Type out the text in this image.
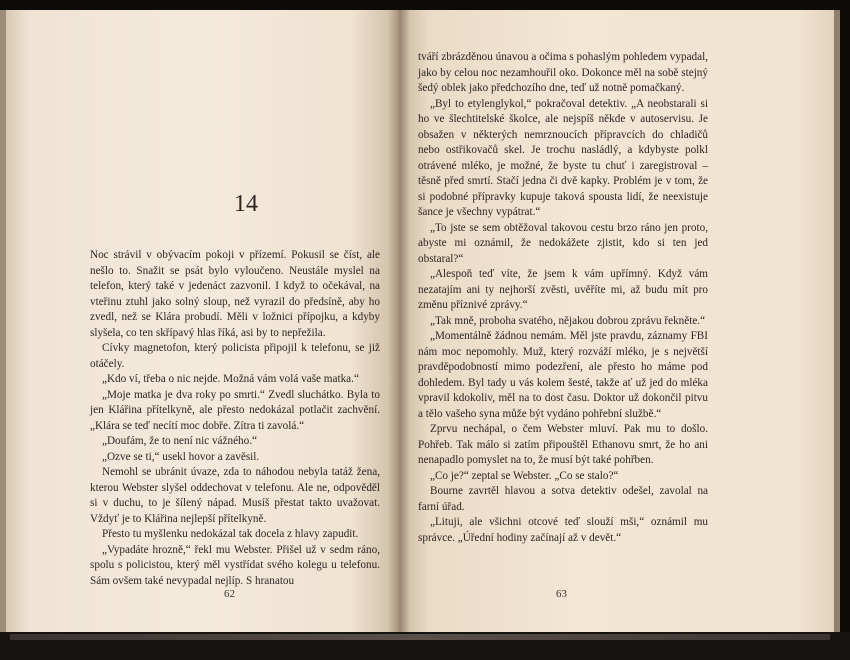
14

Noc strávil v obývacím pokoji v přízemí. Pokusil se číst, ale nešlo to. Snažit se psát bylo vyloučeno. Neustále myslel na telefon, který také v jedenáct zazvonil. I když to očekával, na vteřinu ztuhl jako solný sloup, než vyrazil do předsíně, aby ho zvedl, než se Klára probudí. Měli v ložnici přípojku, a kdyby slyšela, co ten skřípavý hlas říká, asi by to nepřežila.

Cívky magnetofon, který policista připojil k telefonu, se již otáčely.

„Kdo ví, třeba o nic nejde. Možná vám volá vaše matka.“

„Moje matka je dva roky po smrti.“ Zvedl sluchátko. Byla to jen Klářina přítelkyně, ale přesto nedokázal potlačit zachvění. „Klára se teď necítí moc dobře. Zítra ti zavolá.“

„Doufám, že to není nic vážného.“

„Ozve se ti,“ usekl hovor a zavěsil.

Nemohl se ubránit úvaze, zda to náhodou nebyla tatáž žena, kterou Webster slyšel oddechovat v telefonu. Ale ne, odpověděl si v duchu, to je šílený nápad. Musíš přestat takto uvažovat. Vždyť je to Klářina nejlepší přítelkyně.

Přesto tu myšlenku nedokázal tak docela z hlavy zapudit.

„Vypadáte hrozně,“ řekl mu Webster. Přišel už v sedm ráno, spolu s policistou, který měl vystřídat svého kolegu u telefonu. Sám ovšem také nevypadal nejlíp. S hranatou

62

tváří zbrázděnou únavou a očima s pohaslým pohledem vypadal, jako by celou noc nezamhouřil oko. Dokonce měl na sobě stejný šedý oblek jako předchozího dne, teď už notně pomačkaný.

„Byl to etylenglykol,“ pokračoval detektiv. „A neobstarali si ho ve šlechtitelské školce, ale nejspíš někde v autoservisu. Je obsažen v některých nemrznoucích přípravcích do chladičů nebo ostřikovačů skel. Je trochu nasládlý, a kdybyste polkl otrávené mléko, je možné, že byste tu chuť i zaregistroval – těsně před smrtí. Stačí jedna či dvě kapky. Problém je v tom, že si podobné přípravky kupuje taková spousta lidí, že neexistuje šance je všechny vypátrat.“

„To jste se sem obtěžoval takovou cestu brzo ráno jen proto, abyste mi oznámil, že nedokážete zjistit, kdo si ten jed obstaral?“

„Alespoň teď víte, že jsem k vám upřímný. Když vám nezatajím ani ty nejhorší zvěsti, uvěříte mi, až budu mít pro změnu příznivé zprávy.“

„Tak mně, proboha svatého, nějakou dobrou zprávu řekněte.“

„Momentálně žádnou nemám. Měl jste pravdu, záznamy FBI nám moc nepomohly. Muž, který rozváží mléko, je s největší pravděpodobností mimo podezření, ale přesto ho máme pod dohledem. Byl tady u vás kolem šesté, takže ať už jed do mléka vpravil kdokoliv, měl na to dost času. Doktor už dokončil pitvu a tělo vašeho syna může být vydáno pohřební službě.“

Zprvu nechápal, o čem Webster mluví. Pak mu to došlo. Pohřeb. Tak málo si zatím připouštěl Ethanovu smrt, že ho ani nenapadlo pomyslet na to, že musí být také pohřben.

„Co je?“ zeptal se Webster. „Co se stalo?“

Bourne zavrtěl hlavou a sotva detektiv odešel, zavolal na farní úřad.

„Lituji, ale všichni otcové teď slouží mši,“ oznámil mu správce. „Úřední hodiny začínají až v devět.“

63
